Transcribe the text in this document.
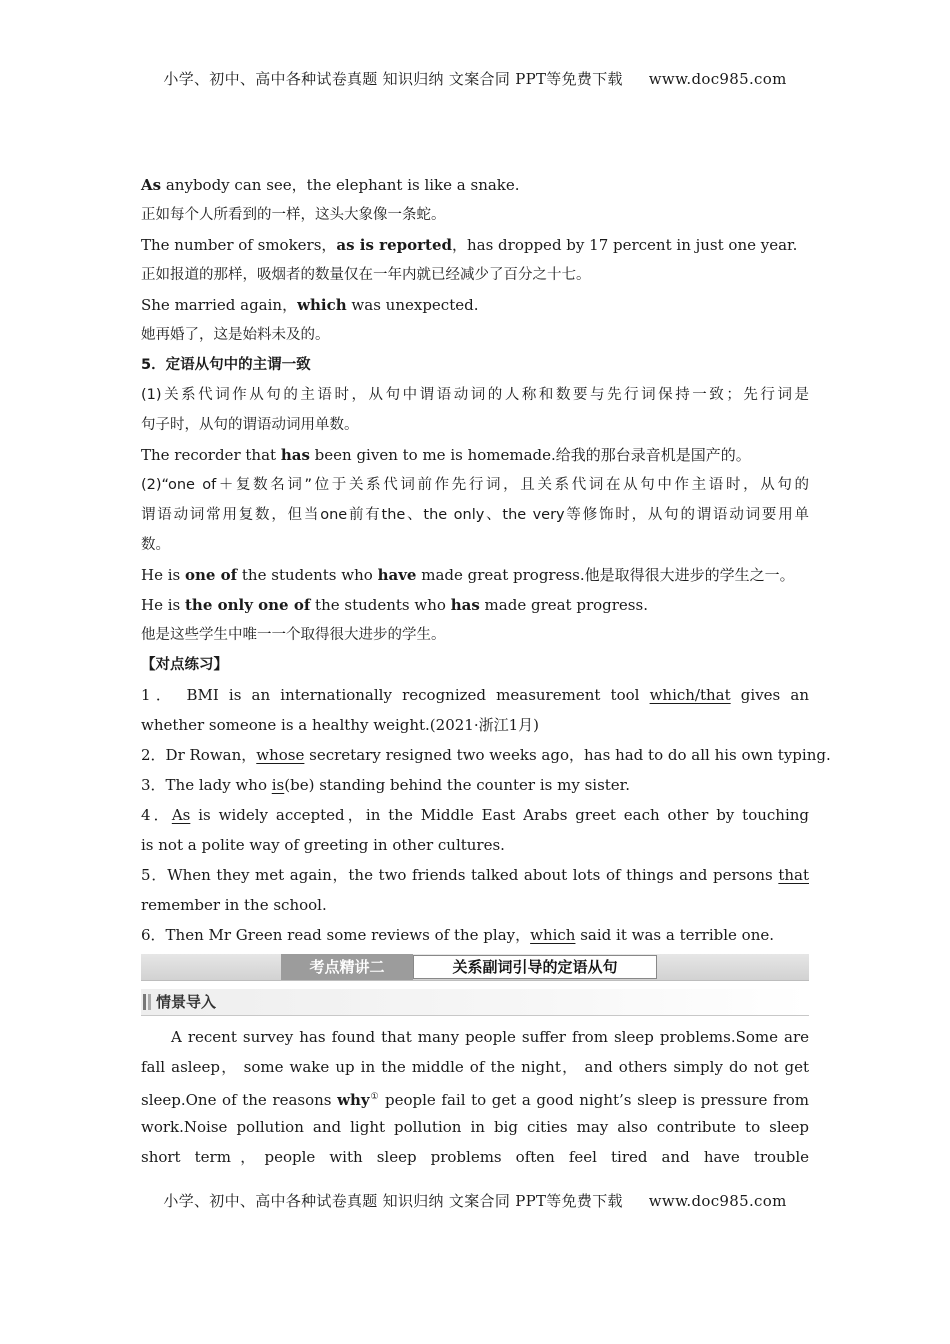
小学、初中、高中各种试卷真题 知识归纳 文案合同 PPT等免费下载 www.doc985.com
As anybody can see，the elephant is like a snake.
正如每个人所看到的一样，这头大象像一条蛇。
The number of smokers，as is reported，has dropped by 17 percent in just one year.
正如报道的那样，吸烟者的数量仅在一年内就已经减少了百分之十七。
She married again，which was unexpected.
她再婚了，这是始料未及的。
5．定语从句中的主谓一致
(1)关系代词作从句的主语时，从句中谓语动词的人称和数要与先行词保持一致；先行词是
句子时，从句的谓语动词用单数。
The recorder that has been given to me is homemade.给我的那台录音机是国产的。
(2)“one of＋复数名词”位于关系代词前作先行词，且关系代词在从句中作主语时，从句的
谓语动词常用复数，但当one前有the、the only、the very等修饰时，从句的谓语动词要用单
数。
He is one of the students who have made great progress.他是取得很大进步的学生之一。
He is the only one of the students who has made great progress.
他是这些学生中唯一一个取得很大进步的学生。
【对点练习】
1． BMI is an internationally recognized measurement tool which/that gives an
whether someone is a healthy weight.(2021·浙江1月)
2．Dr Rowan，whose secretary resigned two weeks ago，has had to do all his own typing.
3．The lady who is(be) standing behind the counter is my sister.
4．As is widely accepted，in the Middle East Arabs greet each other by touching
is not a polite way of greeting in other cultures.
5．When they met again，the two friends talked about lots of things and persons that
remember in the school.
6．Then Mr Green read some reviews of the play，which said it was a terrible one.
考点精讲二	关系副词引导的定语从句
情景导入
A recent survey has found that many people suffer from sleep problems.Some are
fall asleep， some wake up in the middle of the night， and others simply do not get
sleep.One of the reasons why① people fail to get a good night’s sleep is pressure from
work.Noise pollution and light pollution in big cities may also contribute to sleep
short term，people with sleep problems often feel tired and have trouble
小学、初中、高中各种试卷真题 知识归纳 文案合同 PPT等免费下载 www.doc985.com
